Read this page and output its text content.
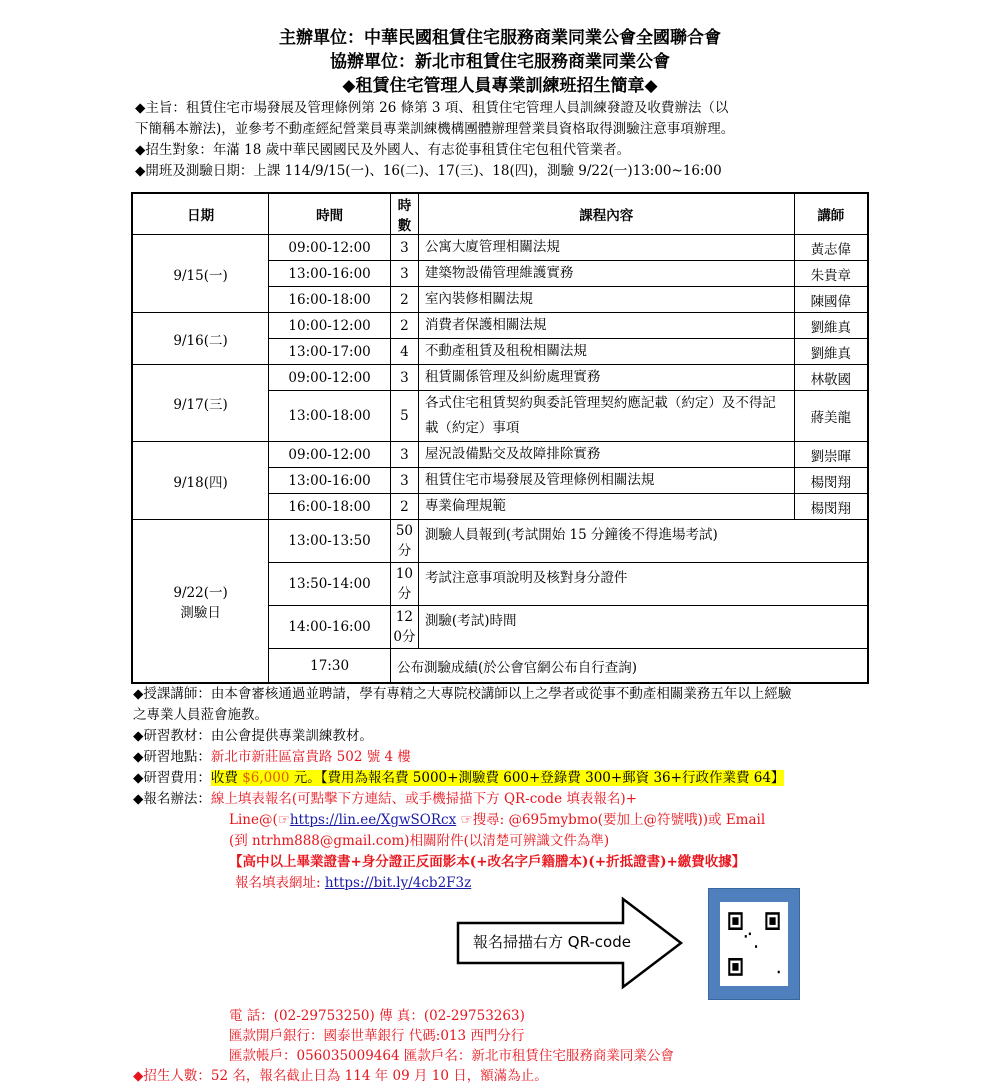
主辦單位：中華民國租賃住宅服務商業同業公會全國聯合會
協辦單位：新北市租賃住宅服務商業同業公會
◆租賃住宅管理人員專業訓練班招生簡章◆
◆主旨：租賃住宅市場發展及管理條例第 26 條第 3 項、租賃住宅管理人員訓練發證及收費辦法（以
下簡稱本辦法)，並參考不動產經紀營業員專業訓練機構團體辦理營業員資格取得測驗注意事項辦理。
◆招生對象：年滿 18 歲中華民國國民及外國人、有志從事租賃住宅包租代管業者。
◆開班及測驗日期：上課 114/9/15(一)、16(二)、17(三)、18(四)，測驗 9/22(一)13:00~16:00
日期	時間	時數	課程內容	講師
9/15(一)	09:00-12:00	3	公寓大廈管理相關法規	黃志偉
	13:00-16:00	3	建築物設備管理維護實務	朱貴章
	16:00-18:00	2	室內裝修相關法規	陳國偉
9/16(二)	10:00-12:00	2	消費者保護相關法規	劉維真
	13:00-17:00	4	不動產租賃及租稅相關法規	劉維真
9/17(三)	09:00-12:00	3	租賃關係管理及糾紛處理實務	林敬國
	13:00-18:00	5	各式住宅租賃契約與委託管理契約應記載（約定）及不得記載（約定）事項	蔣美龍
9/18(四)	09:00-12:00	3	屋況設備點交及故障排除實務	劉崇暉
	13:00-16:00	3	租賃住宅市場發展及管理條例相關法規	楊閔翔
	16:00-18:00	2	專業倫理規範	楊閔翔

9/22(一)
測驗日	13:00-13:50	50分	測驗人員報到(考試開始 15 分鐘後不得進場考試)	
	13:50-14:00	10分	考試注意事項說明及核對身分證件	
	14:00-16:00	120分	測驗(考試)時間	
	17:30	公布測驗成績(於公會官網公布自行查詢)		
◆授課講師：由本會審核通過並聘請，學有專精之大專院校講師以上之學者或從事不動產相關業務五年以上經驗
之專業人員蒞會施教。
◆研習教材：由公會提供專業訓練教材。
◆研習地點：新北市新莊區富貴路 502 號 4 樓
◆研習費用：收費 $6,000 元。【費用為報名費 5000+測驗費 600+登錄費 300+郵資 36+行政作業費 64】
◆報名辦法：線上填表報名(可點擊下方連結、或手機掃描下方 QR-code 填表報名)+
Line@(☞https://lin.ee/XgwSORcx ☞搜尋: @695mybmo(要加上@符號哦))或 Email
(到 ntrhm888@gmail.com)相關附件(以清楚可辨識文件為準)
【高中以上畢業證書+身分證正反面影本(+改名字戶籍謄本)(+折抵證書)+繳費收據】
報名填表網址: https://bit.ly/4cb2F3z
報名掃描右方 QR-code
電 話：(02-29753250) 傳 真：(02-29753263)
匯款開戶銀行：國泰世華銀行 代碼:013 西門分行
匯款帳戶：056035009464 匯款戶名：新北市租賃住宅服務商業同業公會
◆招生人數：52 名，報名截止日為 114 年 09 月 10 日，額滿為止。
